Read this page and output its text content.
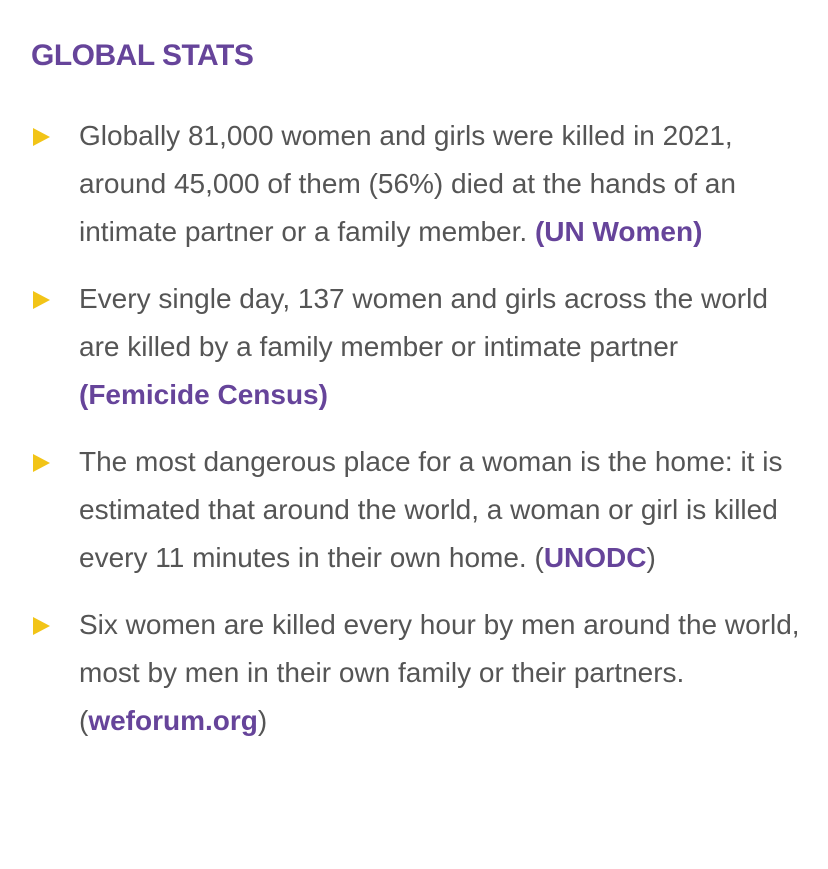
GLOBAL STATS
Globally 81,000 women and girls were killed in 2021, around 45,000 of them (56%) died at the hands of an intimate partner or a family member. (UN Women)
Every single day, 137 women and girls across the world are killed by a family member or intimate partner (Femicide Census)
The most dangerous place for a woman is the home: it is estimated that around the world, a woman or girl is killed every 11 minutes in their own home. (UNODC)
Six women are killed every hour by men around the world, most by men in their own family or their partners. (weforum.org)
